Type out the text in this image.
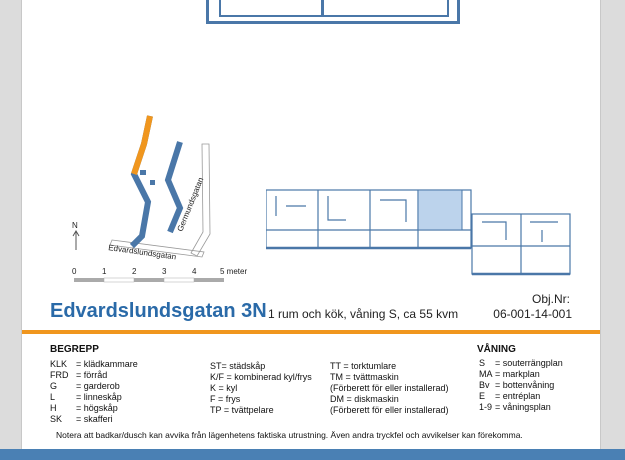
N
Edvardslundsgatan
Germundsgatan
0	1	2	3	4	5 meter
Edvardslundsgatan 3N 1 rum och kök, våning S, ca 55 kvm
Obj.Nr:
06-001-14-001
BEGREPP	VÅNING
KLK = klädkammare
FRD = förråd
G = garderob
L = linneskåp
H = högskåp
SK = skafferi
ST= städskåp
K/F = kombinerad kyl/frys
K = kyl
F = frys
TP = tvättpelare
TT = torktumlare
TM = tvättmaskin
(Förberett för eller installerad)
DM = diskmaskin
(Förberett för eller installerad)
S = souterrängplan
MA = markplan
Bv = bottenvåning
E = entréplan
1-9 = våningsplan
Notera att badkar/dusch kan avvika från lägenhetens faktiska utrustning. Även andra tryckfel och avvikelser kan förekomma.
